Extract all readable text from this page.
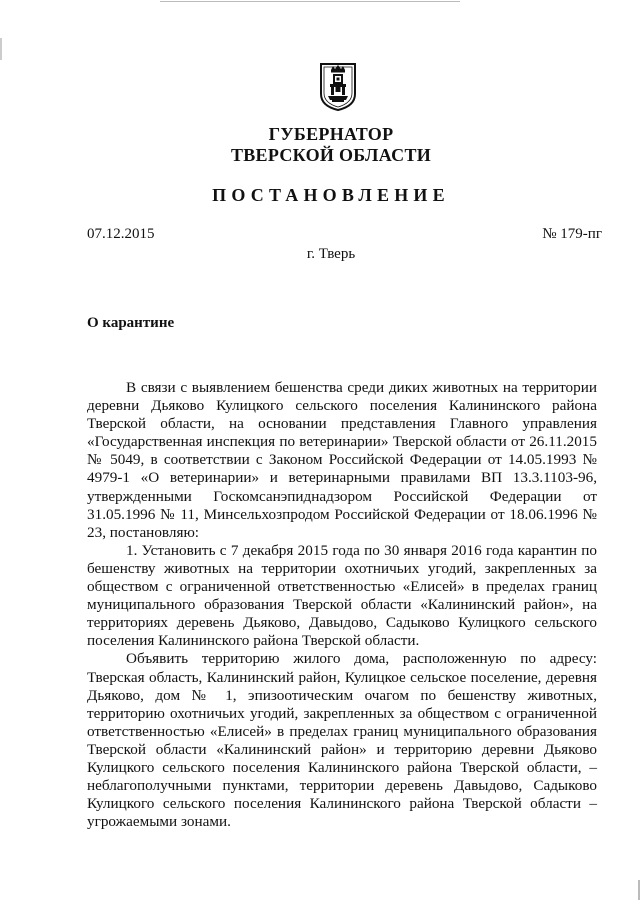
ГУБЕРНАТОР
ТВЕРСКОЙ ОБЛАСТИ
ПОСТАНОВЛЕНИЕ
07.12.2015	№ 179-пг
г. Тверь
О карантине

В связи с выявлением бешенства среди диких животных на территории деревни Дьяково Кулицкого сельского поселения Калининского района Тверской области, на основании представления Главного управления «Государственная инспекция по ветеринарии» Тверской области от 26.11.2015 № 5049, в соответствии с Законом Российской Федерации от 14.05.1993 № 4979-1 «О ветеринарии» и ветеринарными правилами ВП 13.3.1103-96, утвержденными Госкомсанэпиднадзором Российской Федерации от 31.05.1996 № 11, Минсельхозпродом Российской Федерации от 18.06.1996 № 23, постановляю:

1. Установить с 7 декабря 2015 года по 30 января 2016 года карантин по бешенству животных на территории охотничьих угодий, закрепленных за обществом с ограниченной ответственностью «Елисей» в пределах границ муниципального образования Тверской области «Калининский район», на территориях деревень Дьяково, Давыдово, Садыково Кулицкого сельского поселения Калининского района Тверской области.

Объявить территорию жилого дома, расположенную по адресу: Тверская область, Калининский район, Кулицкое сельское поселение, деревня Дьяково, дом № 1, эпизоотическим очагом по бешенству животных, территорию охотничьих угодий, закрепленных за обществом с ограниченной ответственностью «Елисей» в пределах границ муниципального образования Тверской области «Калининский район» и территорию деревни Дьяково Кулицкого сельского поселения Калининского района Тверской области, – неблагополучными пунктами, территории деревень Давыдово, Садыково Кулицкого сельского поселения Калининского района Тверской области – угрожаемыми зонами.
